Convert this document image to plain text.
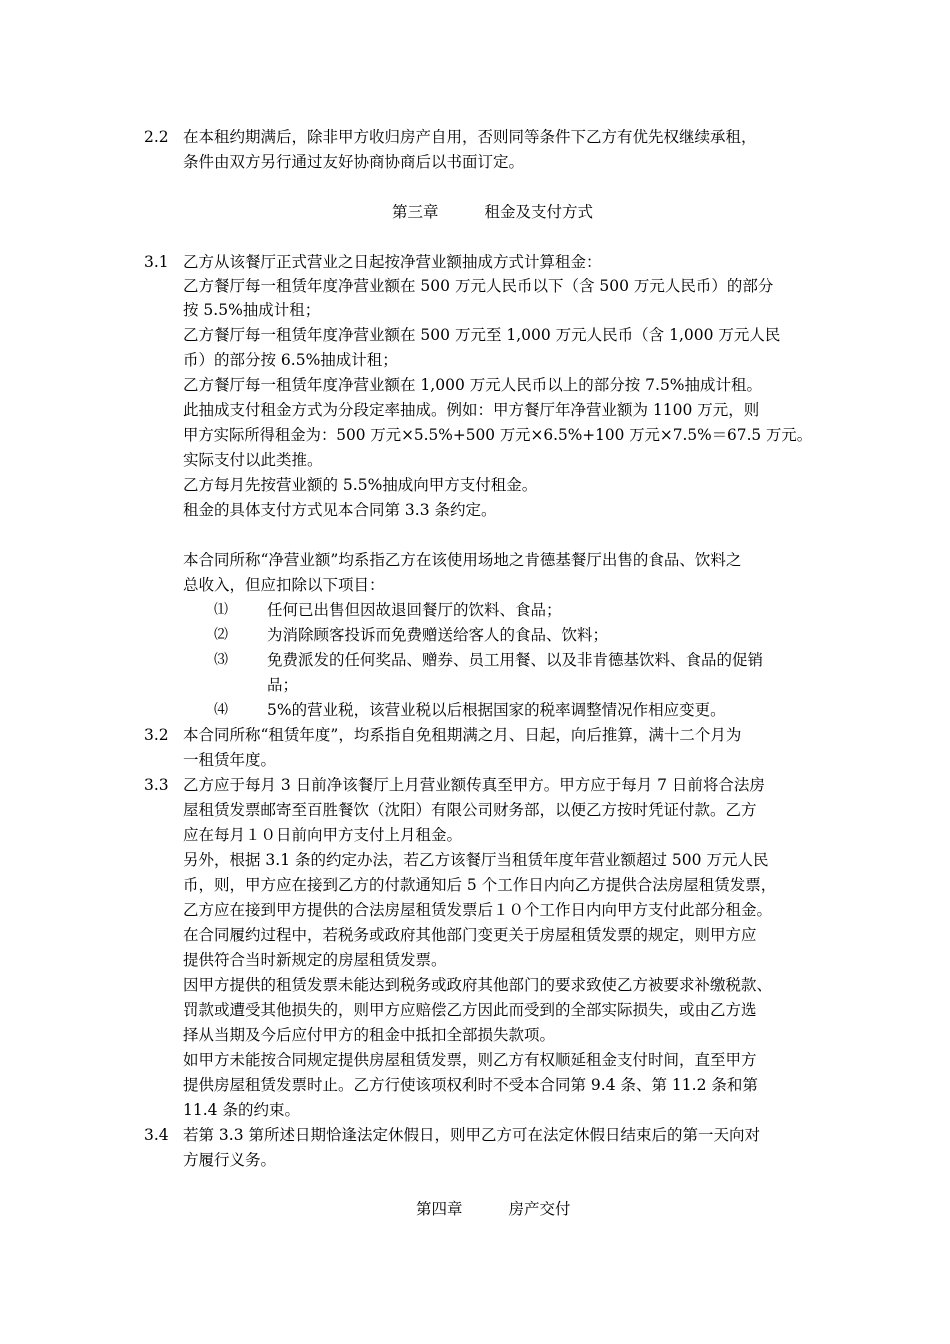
2.2 在本租约期满后，除非甲方收归房产自用，否则同等条件下乙方有优先权继续承租，
条件由双方另行通过友好协商协商后以书面订定。
第三章	租金及支付方式
3.1 乙方从该餐厅正式营业之日起按净营业额抽成方式计算租金：
乙方餐厅每一租赁年度净营业额在 500 万元人民币以下（含 500 万元人民币）的部分
按 5.5%抽成计租；
乙方餐厅每一租赁年度净营业额在 500 万元至 1,000 万元人民币（含 1,000 万元人民
币）的部分按 6.5%抽成计租；
乙方餐厅每一租赁年度净营业额在 1,000 万元人民币以上的部分按 7.5%抽成计租。
此抽成支付租金方式为分段定率抽成。例如：甲方餐厅年净营业额为 1100 万元，则
甲方实际所得租金为：500 万元×5.5%+500 万元×6.5%+100 万元×7.5%＝67.5 万元。
实际支付以此类推。
乙方每月先按营业额的 5.5%抽成向甲方支付租金。
租金的具体支付方式见本合同第 3.3 条约定。
本合同所称“净营业额”均系指乙方在该使用场地之肯德基餐厅出售的食品、饮料之
总收入，但应扣除以下项目：
⑴	任何已出售但因故退回餐厅的饮料、食品；
⑵	为消除顾客投诉而免费赠送给客人的食品、饮料；
⑶	免费派发的任何奖品、赠券、员工用餐、以及非肯德基饮料、食品的促销
品；
⑷	5%的营业税，该营业税以后根据国家的税率调整情况作相应变更。
3.2 本合同所称“租赁年度”，均系指自免租期满之月、日起，向后推算，满十二个月为
一租赁年度。
3.3 乙方应于每月 3 日前净该餐厅上月营业额传真至甲方。甲方应于每月 7 日前将合法房
屋租赁发票邮寄至百胜餐饮（沈阳）有限公司财务部，以便乙方按时凭证付款。乙方
应在每月１０日前向甲方支付上月租金。
另外，根据 3.1 条的约定办法，若乙方该餐厅当租赁年度年营业额超过 500 万元人民
币，则，甲方应在接到乙方的付款通知后 5 个工作日内向乙方提供合法房屋租赁发票，
乙方应在接到甲方提供的合法房屋租赁发票后１０个工作日内向甲方支付此部分租金。
在合同履约过程中，若税务或政府其他部门变更关于房屋租赁发票的规定，则甲方应
提供符合当时新规定的房屋租赁发票。
因甲方提供的租赁发票未能达到税务或政府其他部门的要求致使乙方被要求补缴税款、
罚款或遭受其他损失的，则甲方应赔偿乙方因此而受到的全部实际损失，或由乙方选
择从当期及今后应付甲方的租金中抵扣全部损失款项。
如甲方未能按合同规定提供房屋租赁发票，则乙方有权顺延租金支付时间，直至甲方
提供房屋租赁发票时止。乙方行使该项权利时不受本合同第 9.4 条、第 11.2 条和第
11.4 条的约束。
3.4 若第 3.3 第所述日期恰逢法定休假日，则甲乙方可在法定休假日结束后的第一天向对
方履行义务。
第四章	房产交付
